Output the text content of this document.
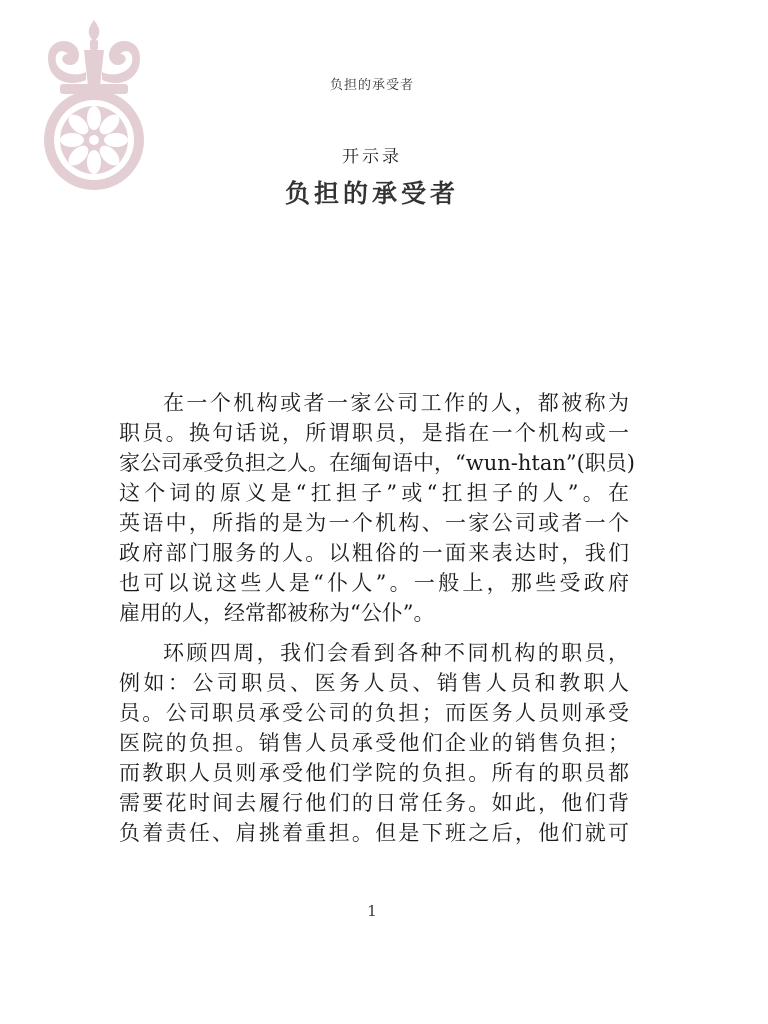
负担的承受者
开示录
负担的承受者
在一个机构或者一家公司工作的人，都被称为
职员。换句话说，所谓职员，是指在一个机构或一
家公司承受负担之人。在缅甸语中，“wun-htan”(职员)
这个词的原义是“扛担子”或“扛担子的人”。在
英语中，所指的是为一个机构、一家公司或者一个
政府部门服务的人。以粗俗的一面来表达时，我们
也可以说这些人是“仆人”。一般上，那些受政府
雇用的人，经常都被称为“公仆”。
环顾四周，我们会看到各种不同机构的职员，
例如：公司职员、医务人员、销售人员和教职人
员。公司职员承受公司的负担；而医务人员则承受
医院的负担。销售人员承受他们企业的销售负担；
而教职人员则承受他们学院的负担。所有的职员都
需要花时间去履行他们的日常任务。如此，他们背
负着责任、肩挑着重担。但是下班之后，他们就可
1
